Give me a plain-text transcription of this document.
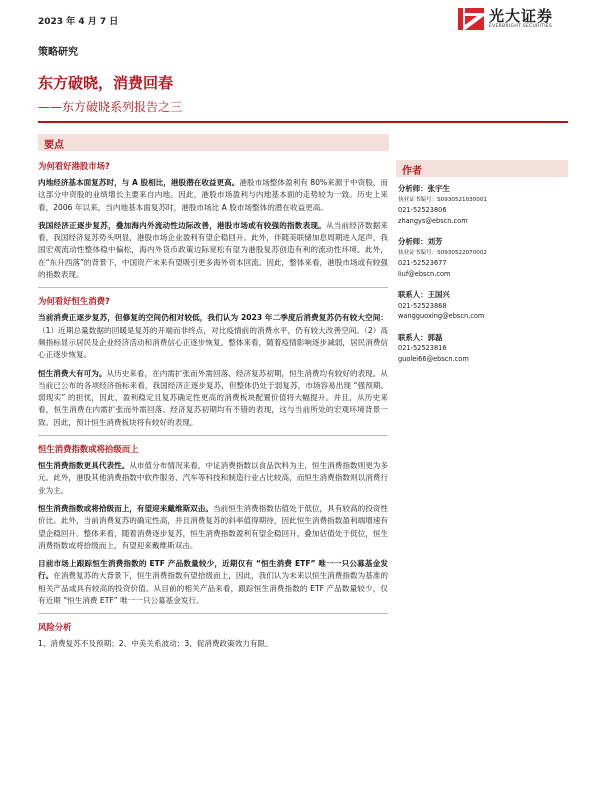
2023 年 4 月 7 日	光大证券
EVERBRIGHT SECURITIES
策略研究
东方破晓，消费回春
——东方破晓系列报告之三
要点
为何看好港股市场?
内地经济基本面复苏时，与 A 股相比，港股潜在收益更高。港股市场整体盈利有 80%来源于中资股，而这部分中资股的业绩增长主要来自内地。因此，港股市场盈利与内地基本面的走势较为一致。历史上来看，2006 年以来，当内地基本面复苏时，港股市场比 A 股市场整体的潜在收益更高。
我国经济正逐步复苏，叠加海内外流动性边际改善，港股市场或有较强的指数表现。从当前经济数据来看，我国经济复苏势头明显，港股市场企业盈利有望企稳回升。此外，伴随美联储加息周期进入尾声，我国宏观流动性整体稳中偏松，海内外货币政策边际宽松有望为港股复苏创造有利的流动性环境。此外，在“东升西落”的背景下，中国资产未来有望吸引更多海外资本回流。因此，整体来看，港股市场或有较强的指数表现。
为何看好恒生消费?
当前消费正逐步复苏，但修复的空间仍相对较低，我们认为 2023 年二季度后消费复苏仍有较大空间：（1）近期总量数据的回暖是复苏的开端而非终点，对比疫情前的消费水平，仍有较大改善空间。（2）高频指标显示居民及企业经济活动和消费信心正逐步恢复。整体来看，随着疫情影响逐步减弱，居民消费信心正逐步恢复。
恒生消费大有可为。从历史来看，在内需扩张而外需回落、经济复苏初期，恒生消费均有较好的表现。从当前已公布的各项经济指标来看，我国经济正逐步复苏，但整体仍处于弱复苏，市场容易出现 “强预期、弱现实” 的担忧，因此，盈利稳定且复苏确定性更高的消费板块配置价值将大幅提升。并且，从历史来看，恒生消费在内需扩张而外需回落、经济复苏初期均有不错的表现，这与当前所处的宏观环境背景一致。因此，预计恒生消费板块将有较好的表现。
恒生消费指数或将拾级而上
恒生消费指数更具代表性。从市值分布情况来看，中证消费指数以食品饮料为主，恒生消费指数则更为多元。此外，港股其他消费指数中软件服务、汽车等科技和制造行业占比较高，而恒生消费指数则以消费行业为主。
恒生消费指数或将拾级而上，有望迎来戴维斯双击。当前恒生消费指数估值处于低位，具有较高的投资性价比。此外，当前消费复苏的确定性高，并且消费复苏的斜率值得期待，因此恒生消费指数盈利端增速有望企稳回升。整体来看，随着消费逐步复苏，恒生消费指数盈利有望企稳回升，叠加估值处于低位，恒生消费指数或将拾级而上，有望迎来戴维斯双击。
目前市场上跟踪恒生消费指数的 ETF 产品数量较少，近期仅有 “恒生消费 ETF” 唯一一只公募基金发行。在消费复苏的大背景下，恒生消费指数有望拾级而上，因此，我们认为未来以恒生消费指数为基准的相关产品或具有较高的投资价值。从目前的相关产品来看，跟踪恒生消费指数的 ETF 产品数量较少，仅有近期 “恒生消费 ETF” 唯一一只公募基金发行。
风险分析
1、消费复苏不及预期；2、中美关系波动；3、促消费政策效力有限。
作者
分析师：张宇生
执业证书编号：S0930521030001
021-52523806
zhangys@ebscn.com
分析师：刘芳
执业证书编号：S0930522070002
021-52523677
liuf@ebscn.com
联系人：王国兴
021-52523868
wangguoxing@ebscn.com
联系人：郭磊
021-52523816
guolei66@ebscn.com
